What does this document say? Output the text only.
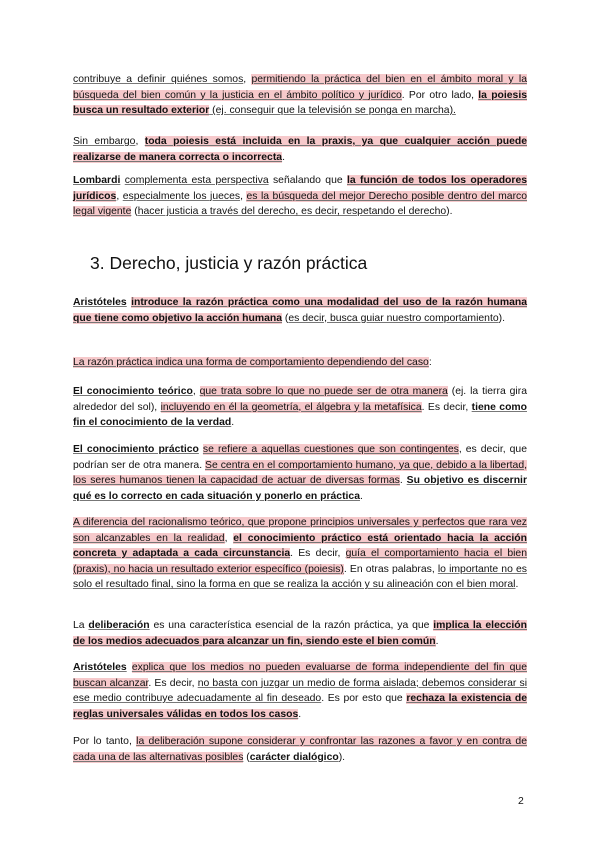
contribuye a definir quiénes somos, permitiendo la práctica del bien en el ámbito moral y la búsqueda del bien común y la justicia en el ámbito político y jurídico. Por otro lado, la poiesis busca un resultado exterior (ej. conseguir que la televisión se ponga en marcha).

Sin embargo, toda poiesis está incluida en la praxis, ya que cualquier acción puede realizarse de manera correcta o incorrecta.

Lombardi complementa esta perspectiva señalando que la función de todos los operadores jurídicos, especialmente los jueces, es la búsqueda del mejor Derecho posible dentro del marco legal vigente (hacer justicia a través del derecho, es decir, respetando el derecho).

3. Derecho, justicia y razón práctica

Aristóteles introduce la razón práctica como una modalidad del uso de la razón humana que tiene como objetivo la acción humana (es decir, busca guiar nuestro comportamiento).

La razón práctica indica una forma de comportamiento dependiendo del caso:

El conocimiento teórico, que trata sobre lo que no puede ser de otra manera (ej. la tierra gira alrededor del sol), incluyendo en él la geometría, el álgebra y la metafísica. Es decir, tiene como fin el conocimiento de la verdad.

El conocimiento práctico se refiere a aquellas cuestiones que son contingentes, es decir, que podrían ser de otra manera. Se centra en el comportamiento humano, ya que, debido a la libertad, los seres humanos tienen la capacidad de actuar de diversas formas. Su objetivo es discernir qué es lo correcto en cada situación y ponerlo en práctica.

A diferencia del racionalismo teórico, que propone principios universales y perfectos que rara vez son alcanzables en la realidad, el conocimiento práctico está orientado hacia la acción concreta y adaptada a cada circunstancia. Es decir, guía el comportamiento hacia el bien (praxis), no hacia un resultado exterior específico (poiesis). En otras palabras, lo importante no es solo el resultado final, sino la forma en que se realiza la acción y su alineación con el bien moral.

La deliberación es una característica esencial de la razón práctica, ya que implica la elección de los medios adecuados para alcanzar un fin, siendo este el bien común.

Aristóteles explica que los medios no pueden evaluarse de forma independiente del fin que buscan alcanzar. Es decir, no basta con juzgar un medio de forma aislada; debemos considerar si ese medio contribuye adecuadamente al fin deseado. Es por esto que rechaza la existencia de reglas universales válidas en todos los casos.

Por lo tanto, la deliberación supone considerar y confrontar las razones a favor y en contra de cada una de las alternativas posibles (carácter dialógico).

2
